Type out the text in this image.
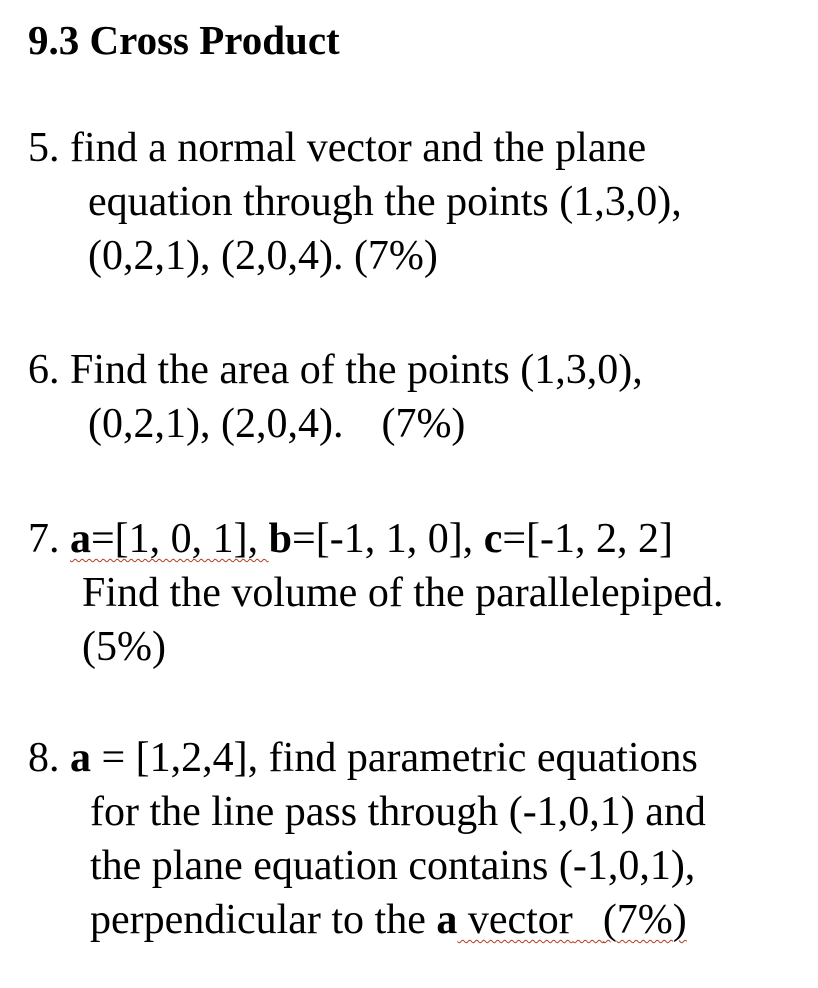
9.3 Cross Product
5. find a normal vector and the plane
equation through the points (1,3,0),
(0,2,1), (2,0,4). (7%)
6. Find the area of the points (1,3,0),
(0,2,1), (2,0,4). (7%)
7. a=[1, 0, 1], b=[-1, 1, 0], c=[-1, 2, 2]
Find the volume of the parallelepiped.
(5%)
8. a = [1,2,4], find parametric equations
for the line pass through (-1,0,1) and
the plane equation contains (-1,0,1),
perpendicular to the a vector (7%)
